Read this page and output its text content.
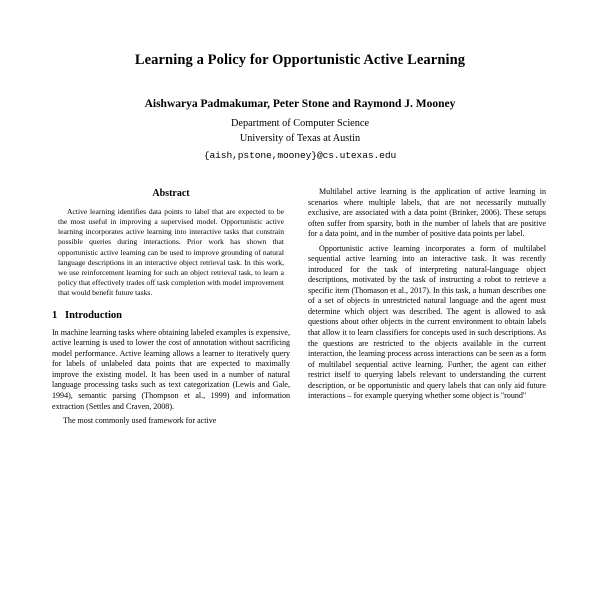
Learning a Policy for Opportunistic Active Learning
Aishwarya Padmakumar, Peter Stone and Raymond J. Mooney
Department of Computer Science
University of Texas at Austin
{aish,pstone,mooney}@cs.utexas.edu
Abstract

Active learning identifies data points to label that are expected to be the most useful in improving a supervised model. Opportunistic active learning incorporates active learning into interactive tasks that constrain possible queries during interactions. Prior work has shown that opportunistic active learning can be used to improve grounding of natural language descriptions in an interactive object retrieval task. In this work, we use reinforcement learning for such an object retrieval task, to learn a policy that effectively trades off task completion with model improvement that would benefit future tasks.

1 Introduction

In machine learning tasks where obtaining labeled examples is expensive, active learning is used to lower the cost of annotation without sacrificing model performance. Active learning allows a learner to iteratively query for labels of unlabeled data points that are expected to maximally improve the existing model. It has been used in a number of natural language processing tasks such as text categorization (Lewis and Gale, 1994), semantic parsing (Thompson et al., 1999) and information extraction (Settles and Craven, 2008).

The most commonly used framework for active

Multilabel active learning is the application of active learning in scenarios where multiple labels, that are not necessarily mutually exclusive, are associated with a data point (Brinker, 2006). These setups often suffer from sparsity, both in the number of labels that are positive for a data point, and in the number of positive data points per label.

Opportunistic active learning incorporates a form of multilabel sequential active learning into an interactive task. It was recently introduced for the task of interpreting natural-language object descriptions, motivated by the task of instructing a robot to retrieve a specific item (Thomason et al., 2017). In this task, a human describes one of a set of objects in unrestricted natural language and the agent must determine which object was described. The agent is allowed to ask questions about other objects in the current environment to obtain labels that allow it to learn classifiers for concepts used in such descriptions. As the questions are restricted to the objects available in the current interaction, the learning process across interactions can be seen as a form of multilabel sequential active learning. Further, the agent can either restrict itself to querying labels relevant to understanding the current description, or be opportunistic and query labels that can only aid future interactions – for example querying whether some object is "round"
